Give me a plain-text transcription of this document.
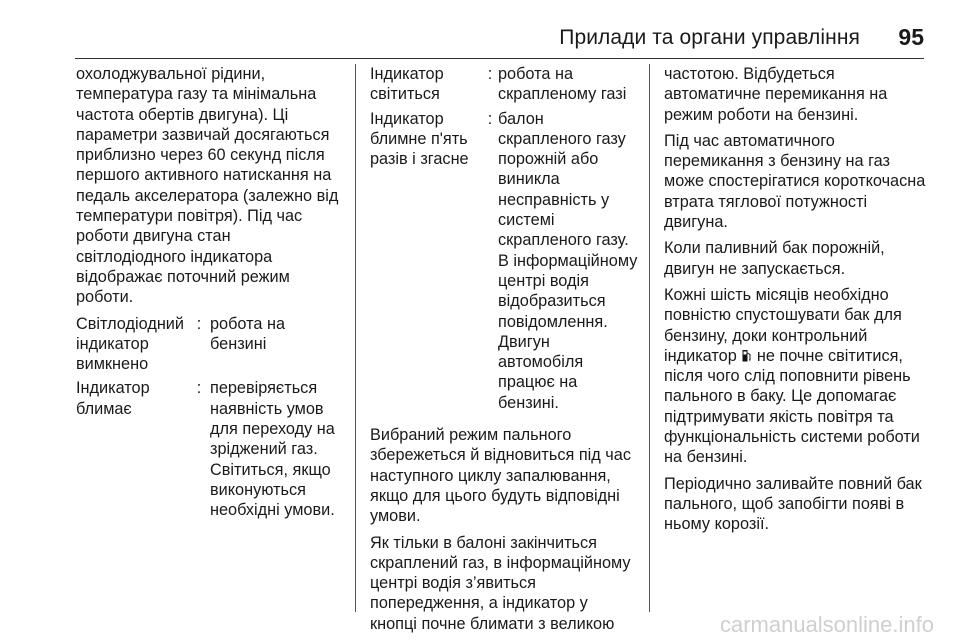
Прилади та органи управління 95

охолоджувальної рідини, температура газу та мінімальна частота обертів двигуна). Ці параметри зазвичай досягаються приблизно через 60 секунд після першого активного натискання на педаль акселератора (залежно від температури повітря). Під час роботи двигуна стан світлодіодного індикатора відображає поточний режим роботи.

Світлодіодний індикатор вимкнено
: робота на бензині
Індикатор блимає
: перевіряється наявність умов для переходу на зріджений газ. Світиться, якщо виконуються необхідні умови.
Індикатор світиться
: робота на скрапленому газі
Індикатор блимне п'ять разів і згасне
: балон скрапленого газу порожній або виникла несправність у системі скрапленого газу. В інформаційному центрі водія відобразиться повідомлення. Двигун автомобіля працює на бензині.

Вибраний режим пального збережеться й відновиться під час наступного циклу запалювання, якщо для цього будуть відповідні умови.

Як тільки в балоні закінчиться скраплений газ, в інформаційному центрі водія з’явиться попередження, а індикатор у кнопці почне блимати з великою

частотою. Відбудеться автоматичне перемикання на режим роботи на бензині.

Під час автоматичного перемикання з бензину на газ може спостерігатися короткочасна втрата тяглової потужності двигуна.

Коли паливний бак порожній, двигун не запускається.

Кожні шість місяців необхідно повністю спустошувати бак для бензину, доки контрольний індикатор не почне світитися, після чого слід поповнити рівень пального в баку. Це допомагає підтримувати якість повітря та функціональність системи роботи на бензині.

Періодично заливайте повний бак пального, щоб запобігти появі в ньому корозії.

carmanualsonline.info
